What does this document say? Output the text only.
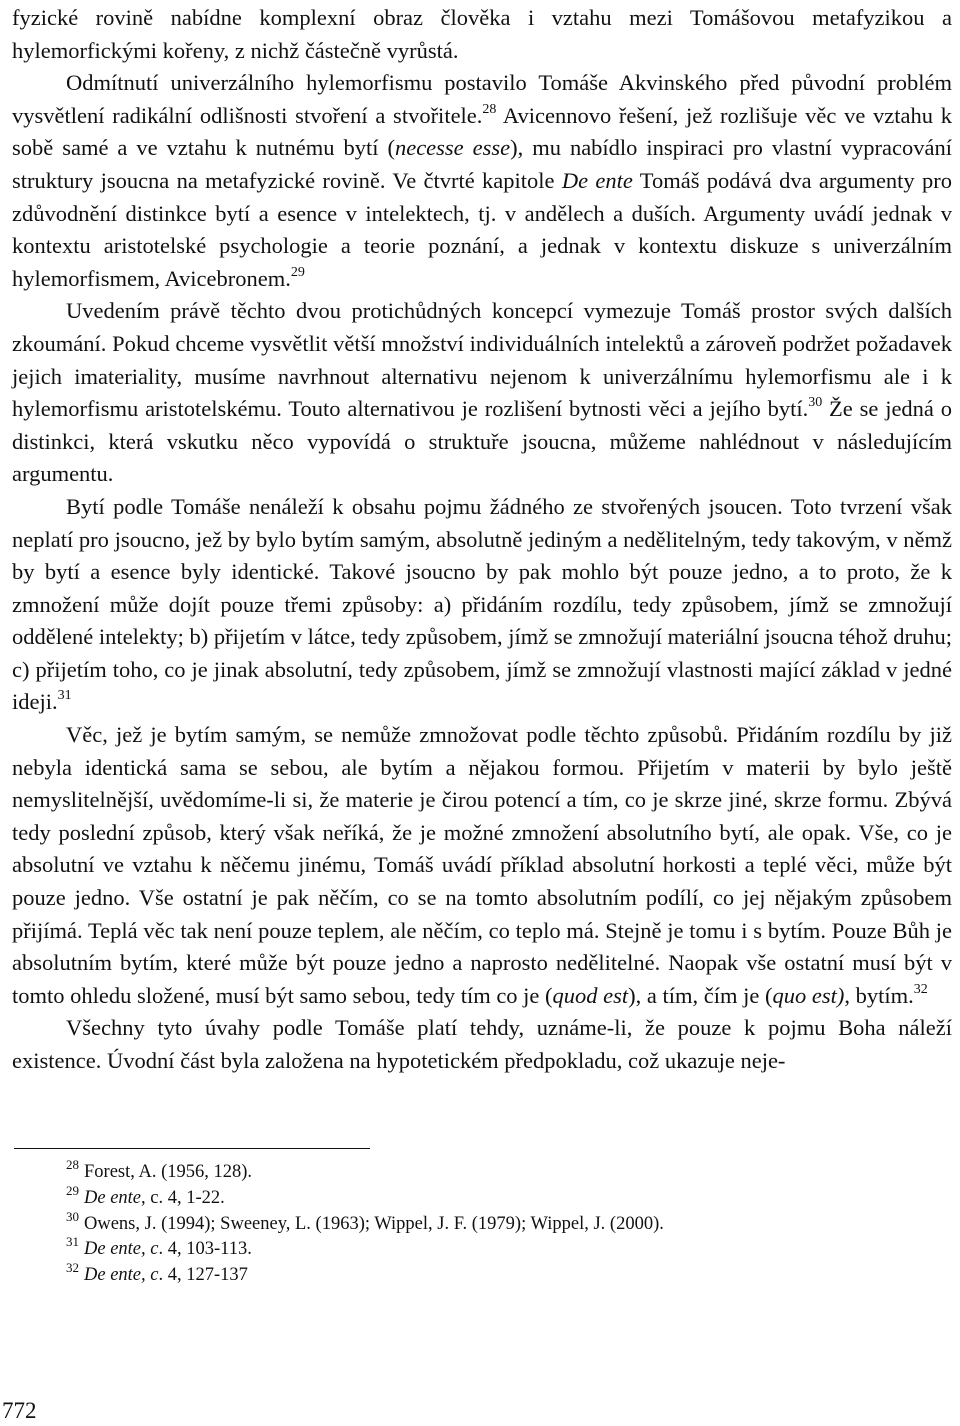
fyzické rovině nabídne komplexní obraz člověka i vztahu mezi Tomášovou metafyzikou a hylemorfickými kořeny, z nichž částečně vyrůstá.

Odmítnutí univerzálního hylemorfismu postavilo Tomáše Akvinského před původní problém vysvětlení radikální odlišnosti stvoření a stvořitele.$^{28}$ Avicennovo řešení, jež rozlišuje věc ve vztahu k sobě samé a ve vztahu k nutnému bytí (necesse esse), mu nabídlo inspiraci pro vlastní vypracování struktury jsoucna na metafyzické rovině. Ve čtvrté kapitole De ente Tomáš podává dva argumenty pro zdůvodnění distinkce bytí a esence v intelektech, tj. v andělech a duších. Argumenty uvádí jednak v kontextu aristotelské psychologie a teorie poznání, a jednak v kontextu diskuze s univerzálním hylemorfismem, Avicebronem.$^{29}$

Uvedením právě těchto dvou protichůdných koncepcí vymezuje Tomáš prostor svých dalších zkoumání. Pokud chceme vysvětlit větší množství individuálních intelektů a zároveň podržet požadavek jejich imateriality, musíme navrhnout alternativu nejenom k univerzálnímu hylemorfismu ale i k hylemorfismu aristotelskému. Touto alternativou je rozlišení bytnosti věci a jejího bytí.$^{30}$ Že se jedná o distinkci, která vskutku něco vypovídá o struktuře jsoucna, můžeme nahlédnout v následujícím argumentu.

Bytí podle Tomáše nenáleží k obsahu pojmu žádného ze stvořených jsoucen. Toto tvrzení však neplatí pro jsoucno, jež by bylo bytím samým, absolutně jediným a nedělitelným, tedy takovým, v němž by bytí a esence byly identické. Takové jsoucno by pak mohlo být pouze jedno, a to proto, že k zmnožení může dojít pouze třemi způsoby: a) přidáním rozdílu, tedy způsobem, jímž se zmnožují oddělené intelekty; b) přijetím v látce, tedy způsobem, jímž se zmnožují materiální jsoucna téhož druhu; c) přijetím toho, co je jinak absolutní, tedy způsobem, jímž se zmnožují vlastnosti mající základ v jedné ideji.$^{31}$

Věc, jež je bytím samým, se nemůže zmnožovat podle těchto způsobů. Přidáním rozdílu by již nebyla identická sama se sebou, ale bytím a nějakou formou. Přijetím v materii by bylo ještě nemyslitelnější, uvědomíme-li si, že materie je čirou potencí a tím, co je skrze jiné, skrze formu. Zbývá tedy poslední způsob, který však neříká, že je možné zmnožení absolutního bytí, ale opak. Vše, co je absolutní ve vztahu k něčemu jinému, Tomáš uvádí příklad absolutní horkosti a teplé věci, může být pouze jedno. Vše ostatní je pak něčím, co se na tomto absolutním podílí, co jej nějakým způsobem přijímá. Teplá věc tak není pouze teplem, ale něčím, co teplo má. Stejně je tomu i s bytím. Pouze Bůh je absolutním bytím, které může být pouze jedno a naprosto nedělitelné. Naopak vše ostatní musí být v tomto ohledu složené, musí být samo sebou, tedy tím co je (quod est), a tím, čím je (quo est), bytím.$^{32}$

Všechny tyto úvahy podle Tomáše platí tehdy, uznáme-li, že pouze k pojmu Boha náleží existence. Úvodní část byla založena na hypotetickém předpokladu, což ukazuje neje-

$^{28}$ Forest, A. (1956, 128).

$^{29}$ De ente, c. 4, 1-22.

$^{30}$ Owens, J. (1994); Sweeney, L. (1963); Wippel, J. F. (1979); Wippel, J. (2000).

$^{31}$ De ente, c. 4, 103-113.

$^{32}$ De ente, c. 4, 127-137

772
